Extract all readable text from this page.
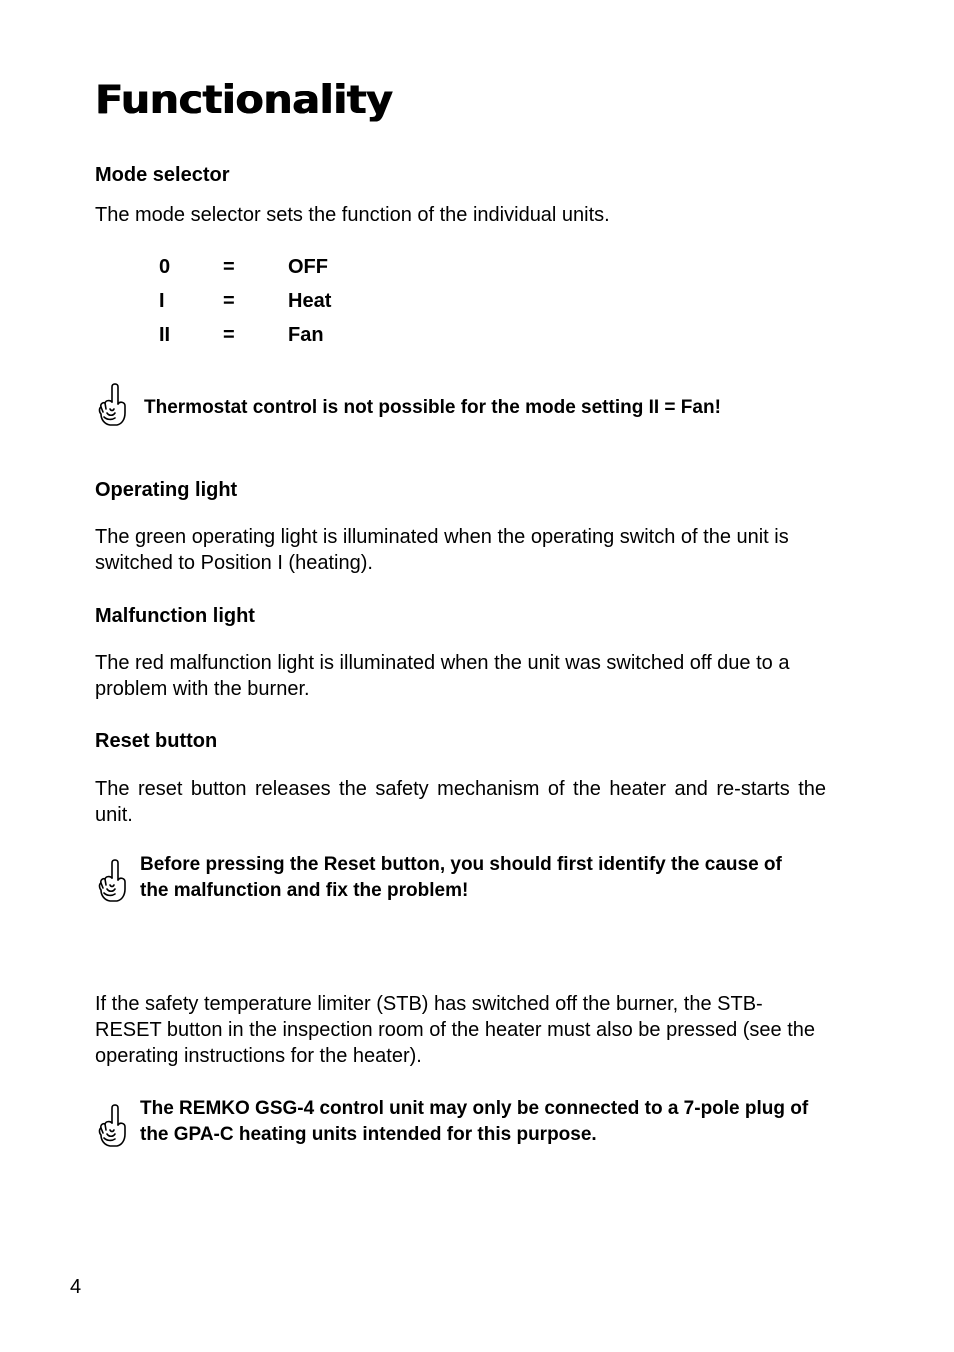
Functionality
Mode selector

The mode selector sets the function of the individual units.

0	=	OFF
I	=	Heat
II	=	Fan

Thermostat control is not possible for the mode setting II = Fan!

Operating light

The green operating light is illuminated when the operating switch of the unit is switched to Position I (heating).

Malfunction light

The red malfunction light is illuminated when the unit was switched off due to a problem with the burner.

Reset button

The reset button releases the safety mechanism of the heater and re-starts the unit.

Before pressing the Reset button, you should first identify the cause of the malfunction and fix the problem!

If the safety temperature limiter (STB) has switched off the burner, the STB-RESET button in the inspection room of the heater must also be pressed (see the operating instructions for the heater).

The REMKO GSG-4 control unit may only be connected to a 7-pole plug of the GPA-C heating units intended for this purpose.

4
